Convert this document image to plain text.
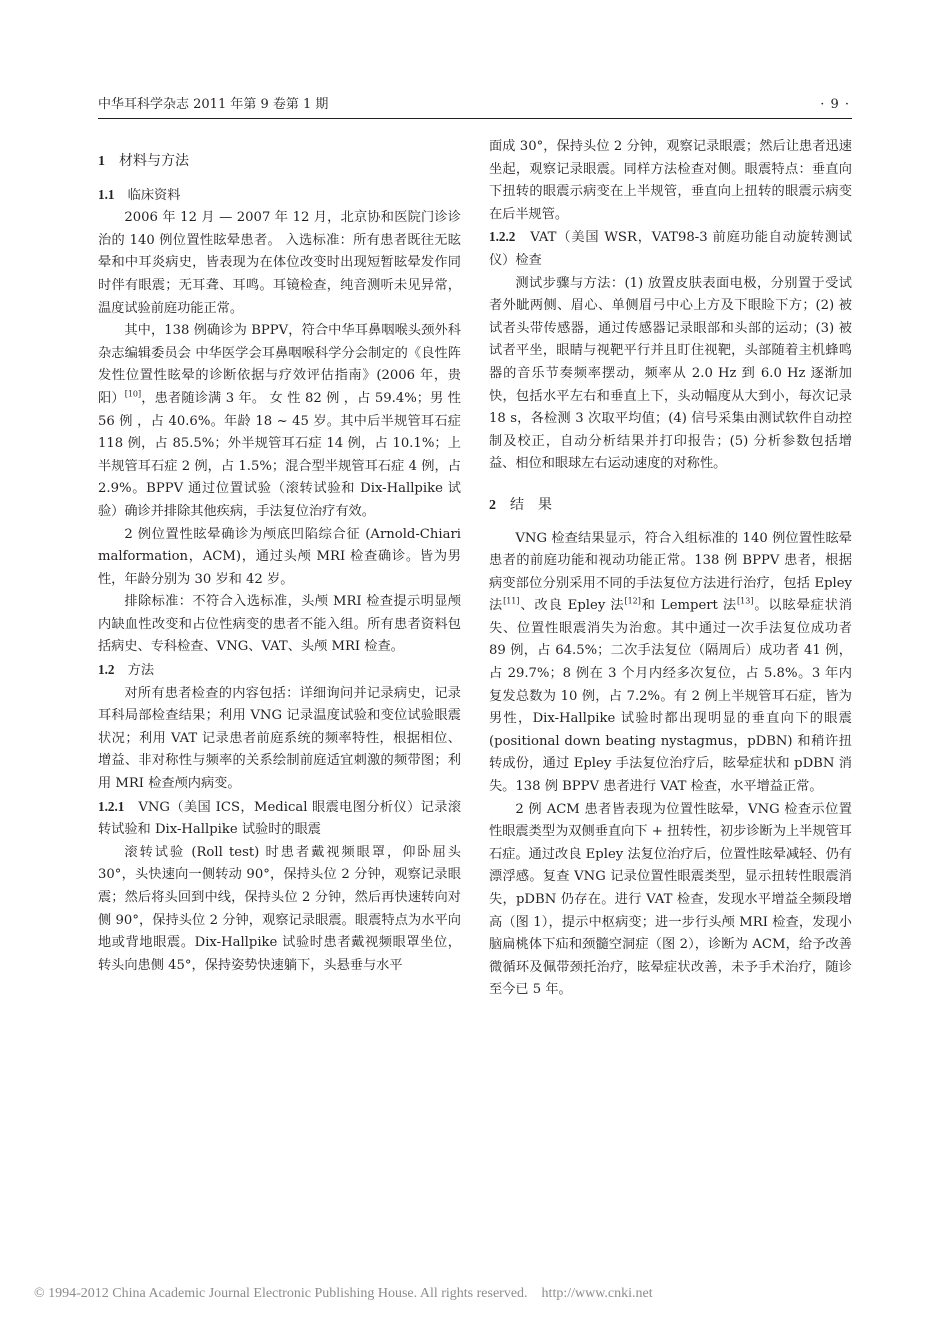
中华耳科学杂志 2011 年第 9 卷第 1 期	· 9 ·

1　 材料与方法

1.1　 临床资料

2006 年 12 月 — 2007 年 12 月，北京协和医院门诊诊治的 140 例位置性眩晕患者。 入选标准：所有患者既往无眩晕和中耳炎病史，皆表现为在体位改变时出现短暂眩晕发作同时伴有眼震；无耳聋、耳鸣。耳镜检查，纯音测听未见异常，温度试验前庭功能正常。

其中，138 例确诊为 BPPV，符合中华耳鼻咽喉头颈外科杂志编辑委员会 中华医学会耳鼻咽喉科学分会制定的《良性阵发性位置性眩晕的诊断依据与疗效评估指南》(2006 年，贵阳）[10]，患者随诊满 3 年。 女 性 82 例 ，占 59.4%；男 性 56 例 ，占 40.6%。年龄 18 ~ 45 岁。其中后半规管耳石症 118 例，占 85.5%；外半规管耳石症 14 例，占 10.1%；上半规管耳石症 2 例，占 1.5%；混合型半规管耳石症 4 例，占 2.9%。BPPV 通过位置试验（滚转试验和 Dix-Hallpike 试验）确诊并排除其他疾病，手法复位治疗有效。

2 例位置性眩晕确诊为颅底凹陷综合征 (Arnold-Chiari malformation，ACM)，通过头颅 MRI 检查确诊。皆为男性，年龄分别为 30 岁和 42 岁。

排除标准：不符合入选标准，头颅 MRI 检查提示明显颅内缺血性改变和占位性病变的患者不能入组。所有患者资料包括病史、专科检查、VNG、VAT、头颅 MRI 检查。

1.2　 方法

对所有患者检查的内容包括：详细询问并记录病史，记录耳科局部检查结果；利用 VNG 记录温度试验和变位试验眼震状况；利用 VAT 记录患者前庭系统的频率特性，根据相位、增益、非对称性与频率的关系绘制前庭适宜刺激的频带图；利用 MRI 检查颅内病变。

1.2.1　 VNG（美国 ICS，Medical 眼震电图分析仪）记录滚转试验和 Dix-Hallpike 试验时的眼震

滚转试验 (Roll test) 时患者戴视频眼罩，仰卧屈头 30°，头快速向一侧转动 90°，保持头位 2 分钟，观察记录眼震；然后将头回到中线，保持头位 2 分钟，然后再快速转向对侧 90°，保持头位 2 分钟，观察记录眼震。眼震特点为水平向地或背地眼震。Dix-Hallpike 试验时患者戴视频眼罩坐位，转头向患侧 45°，保持姿势快速躺下，头悬垂与水平

面成 30°，保持头位 2 分钟，观察记录眼震；然后让患者迅速坐起，观察记录眼震。同样方法检查对侧。眼震特点：垂直向下扭转的眼震示病变在上半规管，垂直向上扭转的眼震示病变在后半规管。

1.2.2　 VAT（美国 WSR，VAT98-3 前庭功能自动旋转测试仪）检查

测试步骤与方法：(1) 放置皮肤表面电极，分别置于受试者外眦两侧、眉心、单侧眉弓中心上方及下眼睑下方；(2) 被试者头带传感器，通过传感器记录眼部和头部的运动；(3) 被试者平坐，眼睛与视靶平行并且盯住视靶，头部随着主机蜂鸣器的音乐节奏频率摆动，频率从 2.0 Hz 到 6.0 Hz 逐渐加快，包括水平左右和垂直上下，头动幅度从大到小，每次记录 18 s，各检测 3 次取平均值；(4) 信号采集由测试软件自动控制及校正，自动分析结果并打印报告；(5) 分析参数包括增益、相位和眼球左右运动速度的对称性。

2　 结　果

VNG 检查结果显示，符合入组标准的 140 例位置性眩晕患者的前庭功能和视动功能正常。138 例 BPPV 患者，根据病变部位分别采用不同的手法复位方法进行治疗，包括 Epley 法[11]、改良 Epley 法[12]和 Lempert 法[13]。以眩晕症状消失、位置性眼震消失为治愈。其中通过一次手法复位成功者 89 例，占 64.5%；二次手法复位（隔周后）成功者 41 例，占 29.7%；8 例在 3 个月内经多次复位，占 5.8%。3 年内复发总数为 10 例，占 7.2%。有 2 例上半规管耳石症，皆为男性，Dix-Hallpike 试验时都出现明显的垂直向下的眼震 (positional down beating nystagmus，pDBN) 和稍许扭转成份，通过 Epley 手法复位治疗后，眩晕症状和 pDBN 消失。138 例 BPPV 患者进行 VAT 检查，水平增益正常。

2 例 ACM 患者皆表现为位置性眩晕，VNG 检查示位置性眼震类型为双侧垂直向下 + 扭转性，初步诊断为上半规管耳石症。通过改良 Epley 法复位治疗后，位置性眩晕减轻、仍有漂浮感。复查 VNG 记录位置性眼震类型，显示扭转性眼震消失，pDBN 仍存在。进行 VAT 检查，发现水平增益全频段增高（图 1），提示中枢病变；进一步行头颅 MRI 检查，发现小脑扁桃体下疝和颈髓空洞症（图 2），诊断为 ACM，给予改善微循环及佩带颈托治疗，眩晕症状改善，未予手术治疗，随诊至今已 5 年。

© 1994-2012 China Academic Journal Electronic Publishing House. All rights reserved.    http://www.cnki.net
